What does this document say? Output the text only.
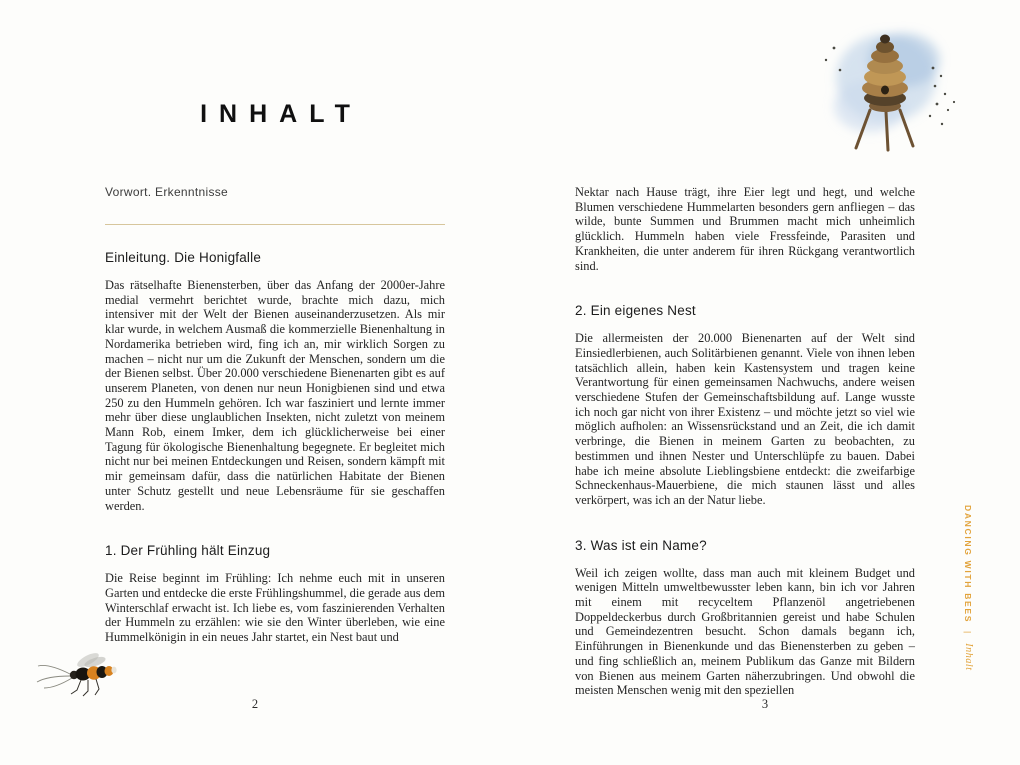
INHALT

Vorwort. Erkenntnisse

Einleitung. Die Honigfalle

Das rätselhafte Bienensterben, über das Anfang der 2000er-Jahre medial vermehrt berichtet wurde, brachte mich dazu, mich intensiver mit der Welt der Bienen auseinanderzusetzen. Als mir klar wurde, in welchem Ausmaß die kommerzielle Bienenhaltung in Nordamerika betrieben wird, fing ich an, mir wirklich Sorgen zu machen – nicht nur um die Zukunft der Menschen, sondern um die der Bienen selbst. Über 20.000 verschiedene Bienenarten gibt es auf unserem Planeten, von denen nur neun Honigbienen sind und etwa 250 zu den Hummeln gehören. Ich war fasziniert und lernte immer mehr über diese unglaublichen Insekten, nicht zuletzt von meinem Mann Rob, einem Imker, dem ich glücklicherweise bei einer Tagung für ökologische Bienenhaltung begegnete. Er begleitet mich nicht nur bei meinen Entdeckungen und Reisen, sondern kämpft mit mir gemeinsam dafür, dass die natürlichen Habitate der Bienen unter Schutz gestellt und neue Lebensräume für sie geschaffen werden.

1. Der Frühling hält Einzug

Die Reise beginnt im Frühling: Ich nehme euch mit in unseren Garten und entdecke die erste Frühlingshummel, die gerade aus dem Winterschlaf erwacht ist. Ich liebe es, vom faszinierenden Verhalten der Hummeln zu erzählen: wie sie den Winter überleben, wie eine Hummelkönigin in ein neues Jahr startet, ein Nest baut und

Nektar nach Hause trägt, ihre Eier legt und hegt, und welche Blumen verschiedene Hummelarten besonders gern anfliegen – das wilde, bunte Summen und Brummen macht mich unheimlich glücklich. Hummeln haben viele Fressfeinde, Parasiten und Krankheiten, die unter anderem für ihren Rückgang verantwortlich sind.

2. Ein eigenes Nest

Die allermeisten der 20.000 Bienenarten auf der Welt sind Einsiedlerbienen, auch Solitärbienen genannt. Viele von ihnen leben tatsächlich allein, haben kein Kastensystem und tragen keine Verantwortung für einen gemeinsamen Nachwuchs, andere weisen verschiedene Stufen der Gemeinschaftsbildung auf. Lange wusste ich noch gar nicht von ihrer Existenz – und möchte jetzt so viel wie möglich aufholen: an Wissensrückstand und an Zeit, die ich damit verbringe, die Bienen in meinem Garten zu beobachten, zu bestimmen und ihnen Nester und Unterschlüpfe zu bauen. Dabei habe ich meine absolute Lieblingsbiene entdeckt: die zweifarbige Schneckenhaus-Mauerbiene, die mich staunen lässt und alles verkörpert, was ich an der Natur liebe.

3. Was ist ein Name?

Weil ich zeigen wollte, dass man auch mit kleinem Budget und wenigen Mitteln umweltbewusster leben kann, bin ich vor Jahren mit einem mit recyceltem Pflanzenöl angetriebenen Doppeldeckerbus durch Großbritannien gereist und habe Schulen und Gemeindezentren besucht. Schon damals begann ich, Einführungen in Bienenkunde und das Bienensterben zu geben – und fing schließlich an, meinem Publikum das Ganze mit Bildern von Bienen aus meinem Garten näherzubringen. Und obwohl die meisten Menschen wenig mit den speziellen

2	3
DANCING WITH BEES | Inhalt
